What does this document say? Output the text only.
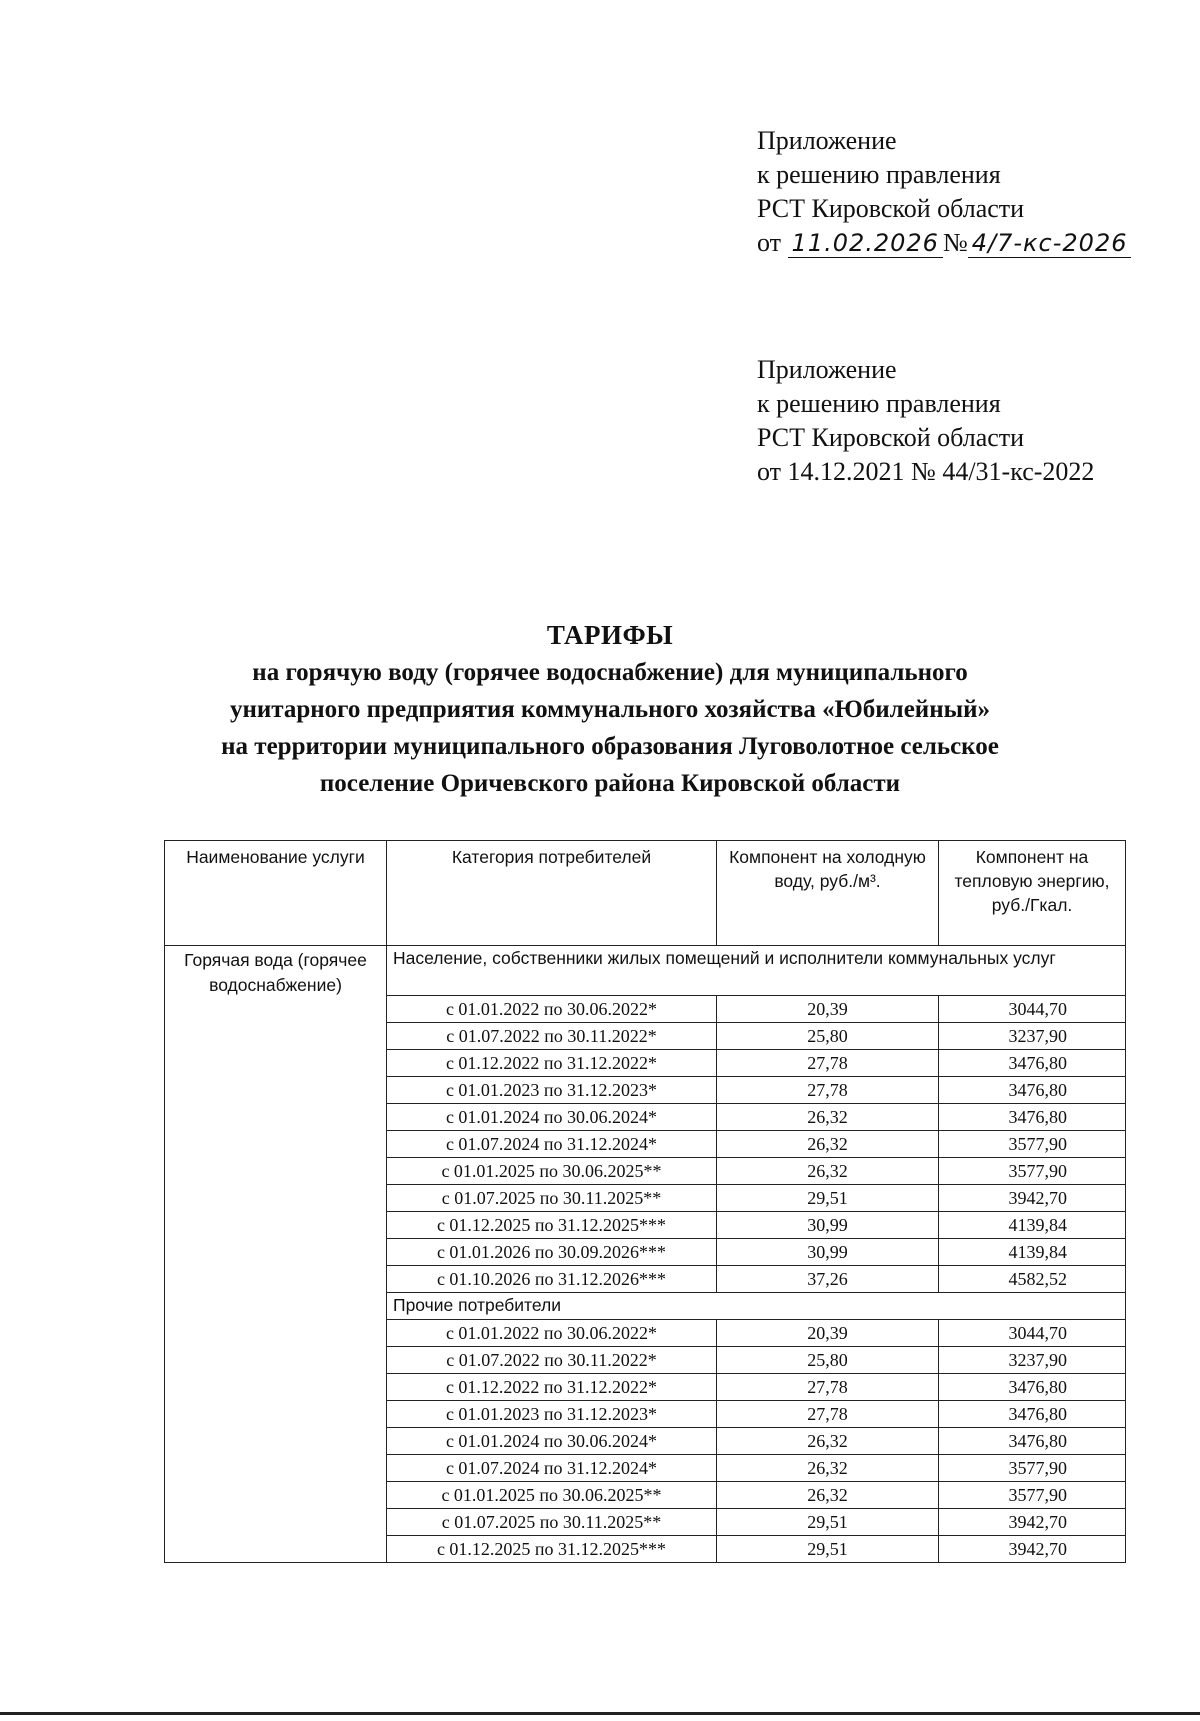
Приложение

к решению правления

РСТ Кировской области

от 11.02.2026 № 4/7-кс-2026

Приложение

к решению правления

РСТ Кировской области

от 14.12.2021 № 44/31-кс-2022

ТАРИФЫ
на горячую воду (горячее водоснабжение) для муниципального
унитарного предприятия коммунального хозяйства «Юбилейный»
на территории муниципального образования Луговолотное сельское
поселение Оричевского района Кировской области
Наименование услуги	Категория потребителей	Компонент на холодную воду, руб./м³.	Компонент на тепловую энергию, руб./Гкал.
Горячая вода (горячее водоснабжение)	Население, собственники жилых помещений и исполнители коммунальных услуг		
	с 01.01.2022 по 30.06.2022*	20,39	3044,70
	с 01.07.2022 по 30.11.2022*	25,80	3237,90
	с 01.12.2022 по 31.12.2022*	27,78	3476,80
	с 01.01.2023 по 31.12.2023*	27,78	3476,80
	с 01.01.2024 по 30.06.2024*	26,32	3476,80
	с 01.07.2024 по 31.12.2024*	26,32	3577,90
	с 01.01.2025 по 30.06.2025**	26,32	3577,90
	с 01.07.2025 по 30.11.2025**	29,51	3942,70
	с 01.12.2025 по 31.12.2025***	30,99	4139,84
	с 01.01.2026 по 30.09.2026***	30,99	4139,84
	с 01.10.2026 по 31.12.2026***	37,26	4582,52
	Прочие потребители		
	с 01.01.2022 по 30.06.2022*	20,39	3044,70
	с 01.07.2022 по 30.11.2022*	25,80	3237,90
	с 01.12.2022 по 31.12.2022*	27,78	3476,80
	с 01.01.2023 по 31.12.2023*	27,78	3476,80
	с 01.01.2024 по 30.06.2024*	26,32	3476,80
	с 01.07.2024 по 31.12.2024*	26,32	3577,90
	с 01.01.2025 по 30.06.2025**	26,32	3577,90
	с 01.07.2025 по 30.11.2025**	29,51	3942,70
	с 01.12.2025 по 31.12.2025***	29,51	3942,70
